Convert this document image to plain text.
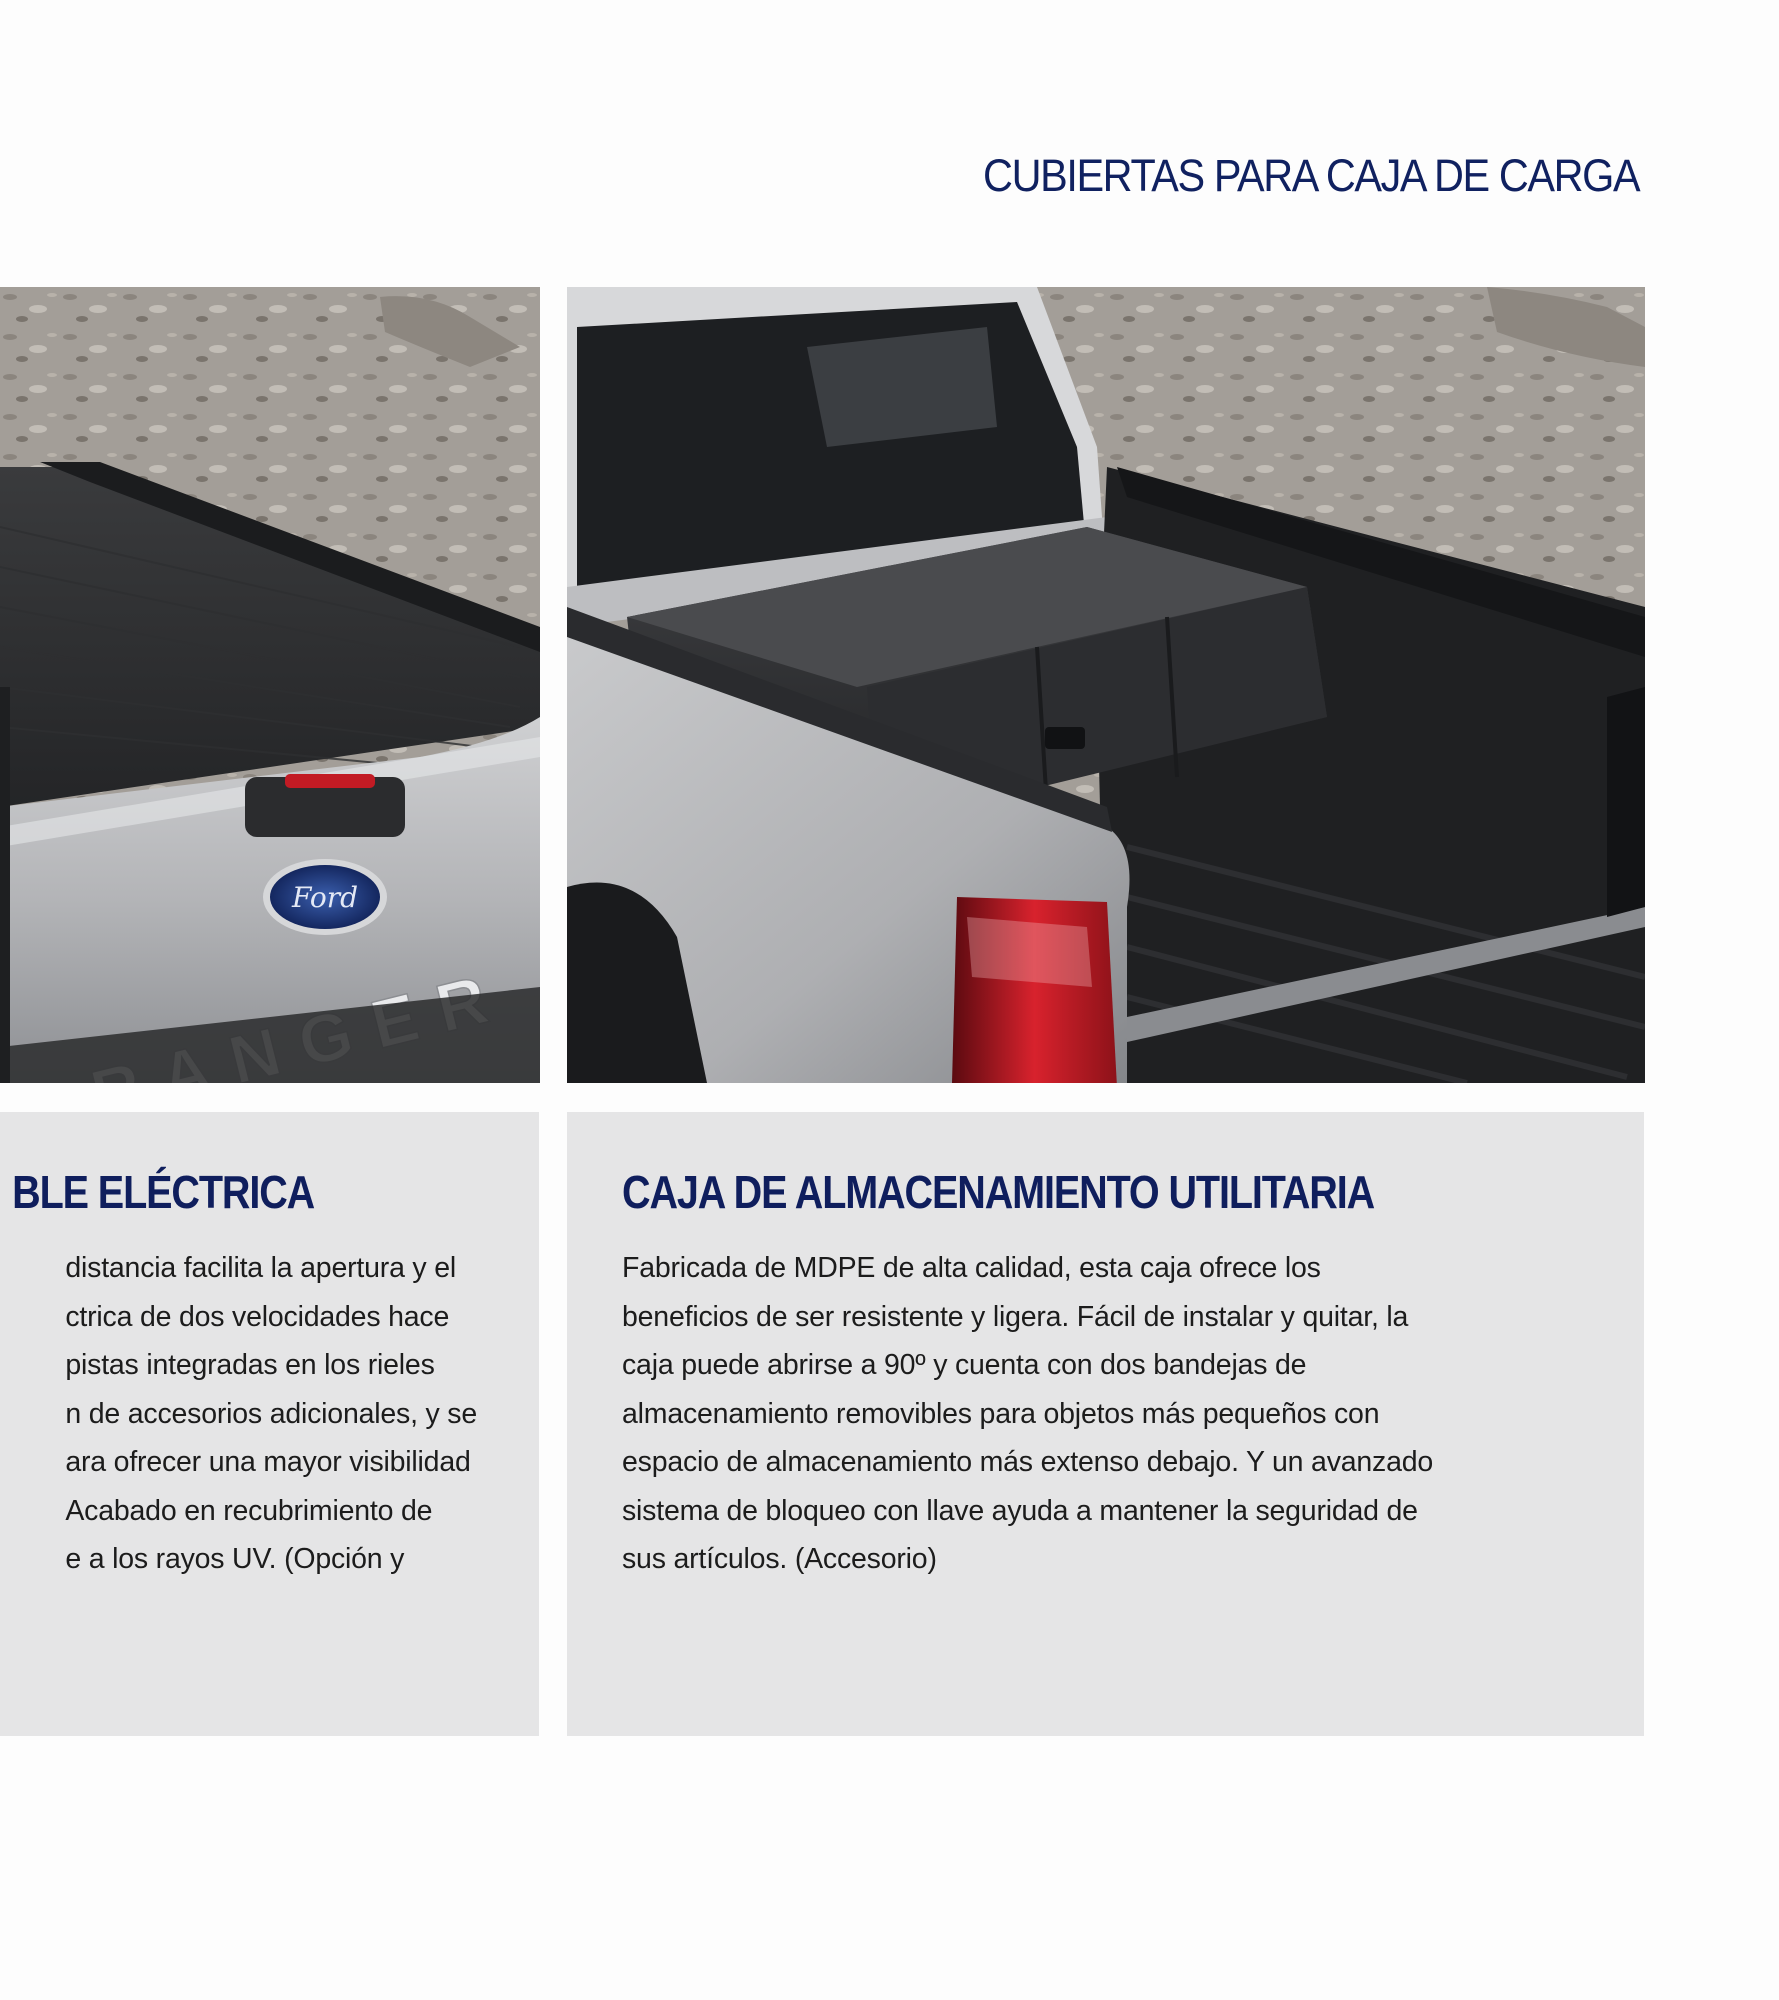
CUBIERTAS PARA CAJA DE CARGA
Ford
BLE ELÉCTRICA

distancia facilita la apertura y el
ctrica de dos velocidades hace
pistas integradas en los rieles
n de accesorios adicionales, y se
ara ofrecer una mayor visibilidad
Acabado en recubrimiento de
e a los rayos UV. (Opción y

CAJA DE ALMACENAMIENTO UTILITARIA

Fabricada de MDPE de alta calidad, esta caja ofrece los
beneficios de ser resistente y ligera. Fácil de instalar y quitar, la
caja puede abrirse a 90º y cuenta con dos bandejas de
almacenamiento removibles para objetos más pequeños con
espacio de almacenamiento más extenso debajo. Y un avanzado
sistema de bloqueo con llave ayuda a mantener la seguridad de
sus artículos. (Accesorio)
